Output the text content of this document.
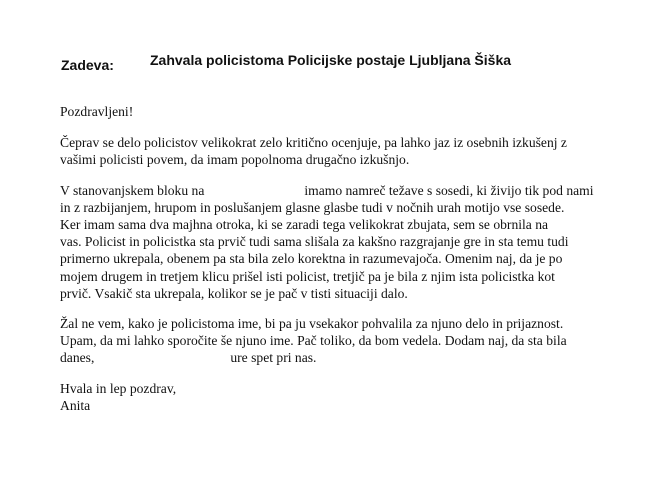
Zadeva:	Zahvala policistoma Policijske postaje Ljubljana Šiška

Pozdravljeni!

Čeprav se delo policistov velikokrat zelo kritično ocenjuje, pa lahko jaz iz osebnih izkušenj z
vašimi policisti povem, da imam popolnoma drugačno izkušnjo.

V stanovanjskem bloku na	imamo namreč težave s sosedi, ki živijo tik pod nami
in z razbijanjem, hrupom in poslušanjem glasne glasbe tudi v nočnih urah motijo vse sosede.
Ker imam sama dva majhna otroka, ki se zaradi tega velikokrat zbujata, sem se obrnila na
vas. Policist in policistka sta prvič tudi sama slišala za kakšno razgrajanje gre in sta temu tudi
primerno ukrepala, obenem pa sta bila zelo korektna in razumevajoča. Omenim naj, da je po
mojem drugem in tretjem klicu prišel isti policist, tretjič pa je bila z njim ista policistka kot
prvič. Vsakič sta ukrepala, kolikor se je pač v tisti situaciji dalo.

Žal ne vem, kako je policistoma ime, bi pa ju vsekakor pohvalila za njuno delo in prijaznost.
Upam, da mi lahko sporočite še njuno ime. Pač toliko, da bom vedela. Dodam naj, da sta bila
danes,	ure spet pri nas.

Hvala in lep pozdrav,
Anita
